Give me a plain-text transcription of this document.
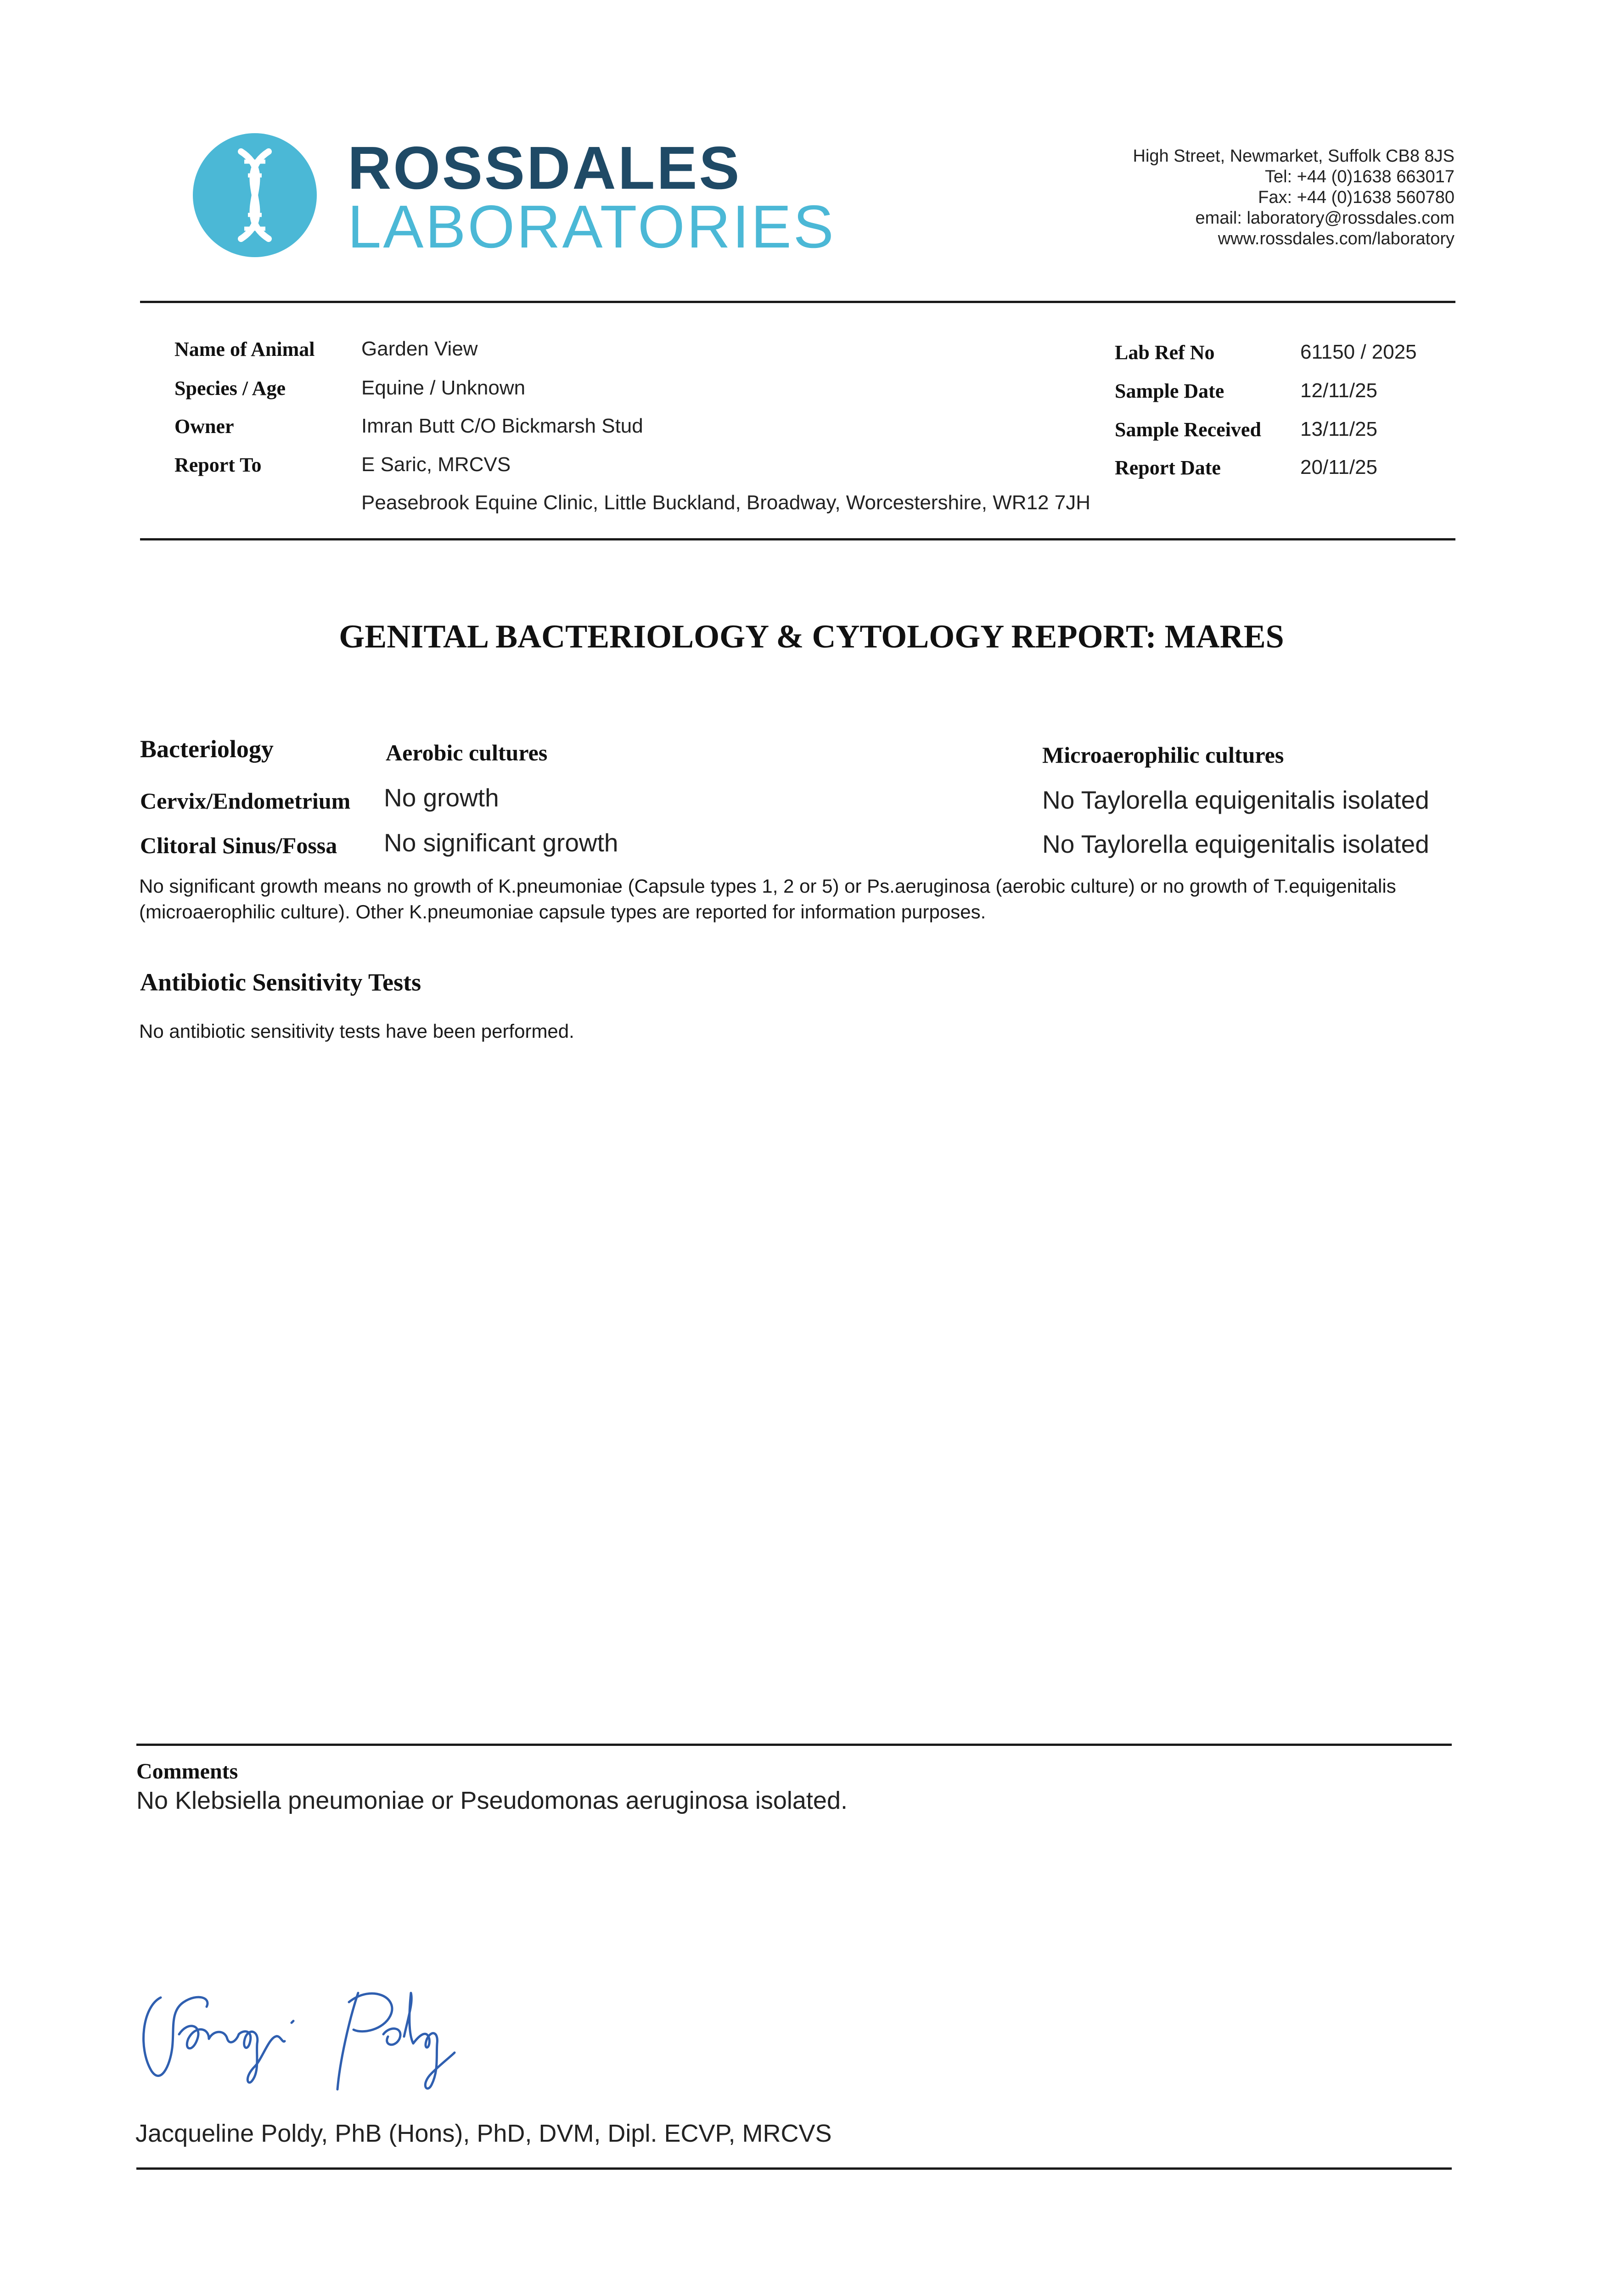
ROSSDALES
LABORATORIES
High Street, Newmarket, Suffolk CB8 8JS
Tel: +44 (0)1638 663017
Fax: +44 (0)1638 560780
email: laboratory@rossdales.com
www.rossdales.com/laboratory
Name of Animal Garden View
Species / Age	Equine / Unknown
Owner	Imran Butt C/O Bickmarsh Stud
Report To	E Saric, MRCVS
Peasebrook Equine Clinic, Little Buckland, Broadway, Worcestershire, WR12 7JH
Lab Ref No	61150 / 2025
Sample Date	12/11/25
Sample Received 13/11/25
Report Date	20/11/25
GENITAL BACTERIOLOGY & CYTOLOGY REPORT: MARES
Bacteriology	Aerobic cultures	Microaerophilic cultures
Cervix/Endometrium No growth	No Taylorella equigenitalis isolated
Clitoral Sinus/Fossa No significant growth	No Taylorella equigenitalis isolated
No significant growth means no growth of K.pneumoniae (Capsule types 1, 2 or 5) or Ps.aeruginosa (aerobic culture) or no growth of T.equigenitalis
(microaerophilic culture). Other K.pneumoniae capsule types are reported for information purposes.
Antibiotic Sensitivity Tests
No antibiotic sensitivity tests have been performed.
Comments
No Klebsiella pneumoniae or Pseudomonas aeruginosa isolated.
Jacqueline Poldy, PhB (Hons), PhD, DVM, Dipl. ECVP, MRCVS
